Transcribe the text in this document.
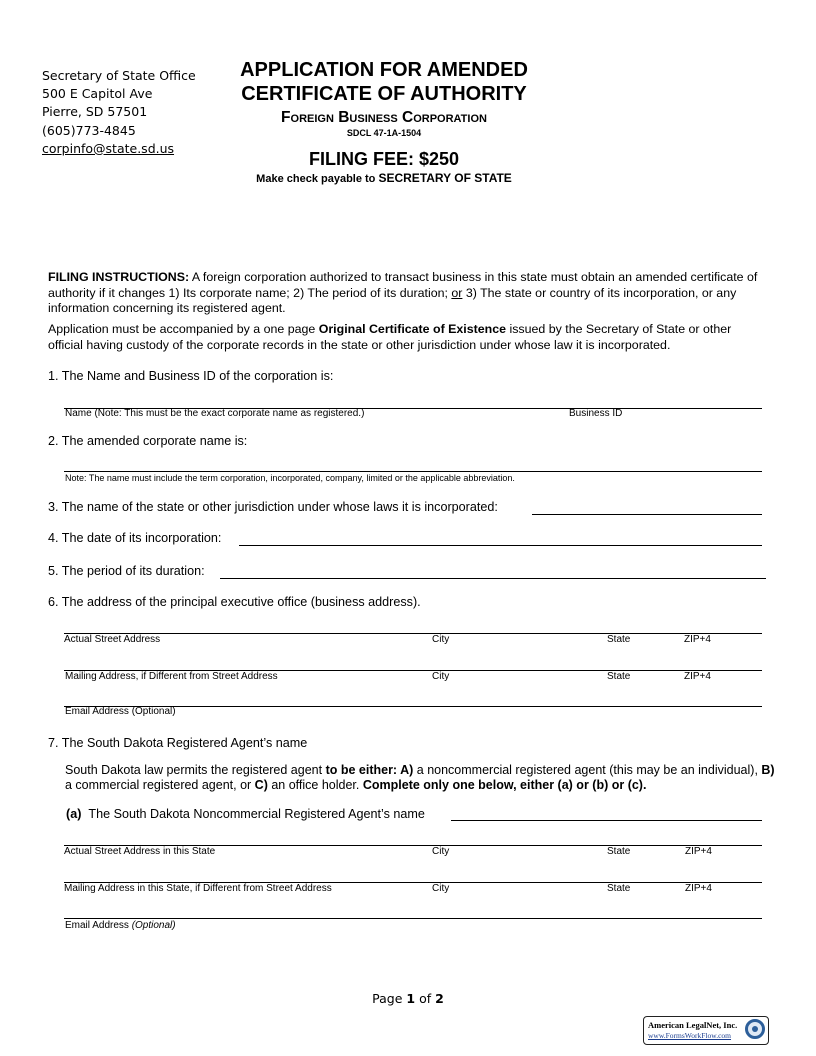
Secretary of State Office
500 E Capitol Ave
Pierre, SD 57501
(605)773-4845
corpinfo@state.sd.us
APPLICATION FOR AMENDED
CERTIFICATE OF AUTHORITY
Foreign Business Corporation
SDCL 47-1A-1504
FILING FEE: $250
Make check payable to SECRETARY OF STATE
FILING INSTRUCTIONS: A foreign corporation authorized to transact business in this state must obtain an amended certificate of authority if it changes 1) Its corporate name; 2) The period of its duration; or 3) The state or country of its incorporation, or any information concerning its registered agent.
Application must be accompanied by a one page Original Certificate of Existence issued by the Secretary of State or other official having custody of the corporate records in the state or other jurisdiction under whose law it is incorporated.
1. The Name and Business ID of the corporation is:
Name (Note: This must be the exact corporate name as registered.)	Business ID
2. The amended corporate name is:
Note: The name must include the term corporation, incorporated, company, limited or the applicable abbreviation.
3. The name of the state or other jurisdiction under whose laws it is incorporated:
4. The date of its incorporation:
5. The period of its duration:
6. The address of the principal executive office (business address).
Actual Street Address	City	State	ZIP+4
Mailing Address, if Different from Street Address	City	State	ZIP+4
Email Address (Optional)
7. The South Dakota Registered Agent’s name
South Dakota law permits the registered agent to be either: A) a noncommercial registered agent (this may be an individual), B) a commercial registered agent, or C) an office holder. Complete only one below, either (a) or (b) or (c).
(a) The South Dakota Noncommercial Registered Agent’s name
Actual Street Address in this State	City	State	ZIP+4
Mailing Address in this State, if Different from Street Address	City	State	ZIP+4
Email Address (Optional)
Page 1 of 2
American LegalNet, Inc.
www.FormsWorkFlow.com
